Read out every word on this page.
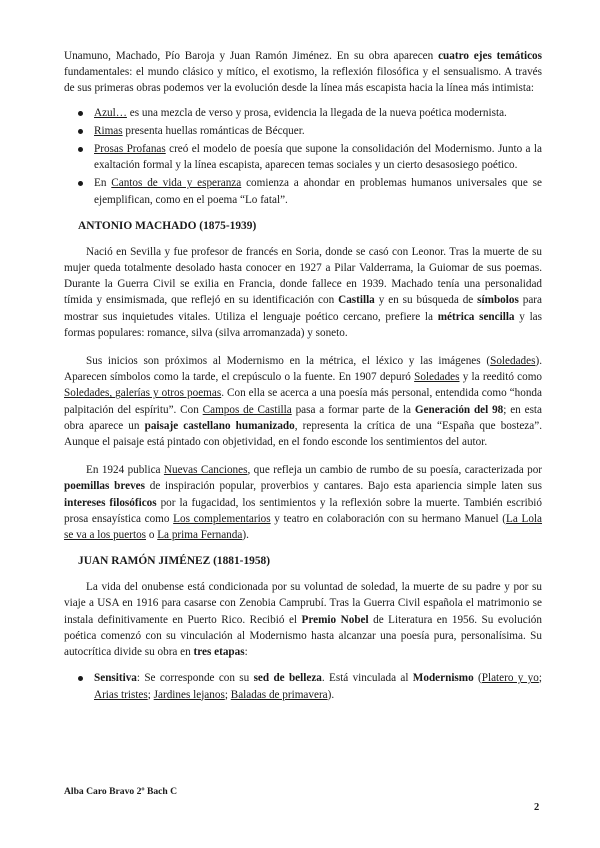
Unamuno, Machado, Pío Baroja y Juan Ramón Jiménez. En su obra aparecen cuatro ejes temáticos fundamentales: el mundo clásico y mítico, el exotismo, la reflexión filosófica y el sensualismo. A través de sus primeras obras podemos ver la evolución desde la línea más escapista hacia la línea más intimista:

Azul… es una mezcla de verso y prosa, evidencia la llegada de la nueva poética modernista.
Rimas presenta huellas románticas de Bécquer.
Prosas Profanas creó el modelo de poesía que supone la consolidación del Modernismo. Junto a la exaltación formal y la línea escapista, aparecen temas sociales y un cierto desasosiego poético.
En Cantos de vida y esperanza comienza a ahondar en problemas humanos universales que se ejemplifican, como en el poema “Lo fatal”.
ANTONIO MACHADO (1875-1939)

Nació en Sevilla y fue profesor de francés en Soria, donde se casó con Leonor. Tras la muerte de su mujer queda totalmente desolado hasta conocer en 1927 a Pilar Valderrama, la Guiomar de sus poemas. Durante la Guerra Civil se exilia en Francia, donde fallece en 1939. Machado tenía una personalidad tímida y ensimismada, que reflejó en su identificación con Castilla y en su búsqueda de símbolos para mostrar sus inquietudes vitales. Utiliza el lenguaje poético cercano, prefiere la métrica sencilla y las formas populares: romance, silva (silva arromanzada) y soneto.

Sus inicios son próximos al Modernismo en la métrica, el léxico y las imágenes (Soledades). Aparecen símbolos como la tarde, el crepúsculo o la fuente. En 1907 depuró Soledades y la reeditó como Soledades, galerías y otros poemas. Con ella se acerca a una poesía más personal, entendida como “honda palpitación del espíritu”. Con Campos de Castilla pasa a formar parte de la Generación del 98; en esta obra aparece un paisaje castellano humanizado, representa la crítica de una “España que bosteza”. Aunque el paisaje está pintado con objetividad, en el fondo esconde los sentimientos del autor.

En 1924 publica Nuevas Canciones, que refleja un cambio de rumbo de su poesía, caracterizada por poemillas breves de inspiración popular, proverbios y cantares. Bajo esta apariencia simple laten sus intereses filosóficos por la fugacidad, los sentimientos y la reflexión sobre la muerte. También escribió prosa ensayística como Los complementarios y teatro en colaboración con su hermano Manuel (La Lola se va a los puertos o La prima Fernanda).

JUAN RAMÓN JIMÉNEZ (1881-1958)

La vida del onubense está condicionada por su voluntad de soledad, la muerte de su padre y por su viaje a USA en 1916 para casarse con Zenobia Camprubí. Tras la Guerra Civil española el matrimonio se instala definitivamente en Puerto Rico. Recibió el Premio Nobel de Literatura en 1956. Su evolución poética comenzó con su vinculación al Modernismo hasta alcanzar una poesía pura, personalísima. Su autocrítica divide su obra en tres etapas:

Sensitiva: Se corresponde con su sed de belleza. Está vinculada al Modernismo (Platero y yo; Arias tristes; Jardines lejanos; Baladas de primavera).
Alba Caro Bravo 2º Bach C
2
